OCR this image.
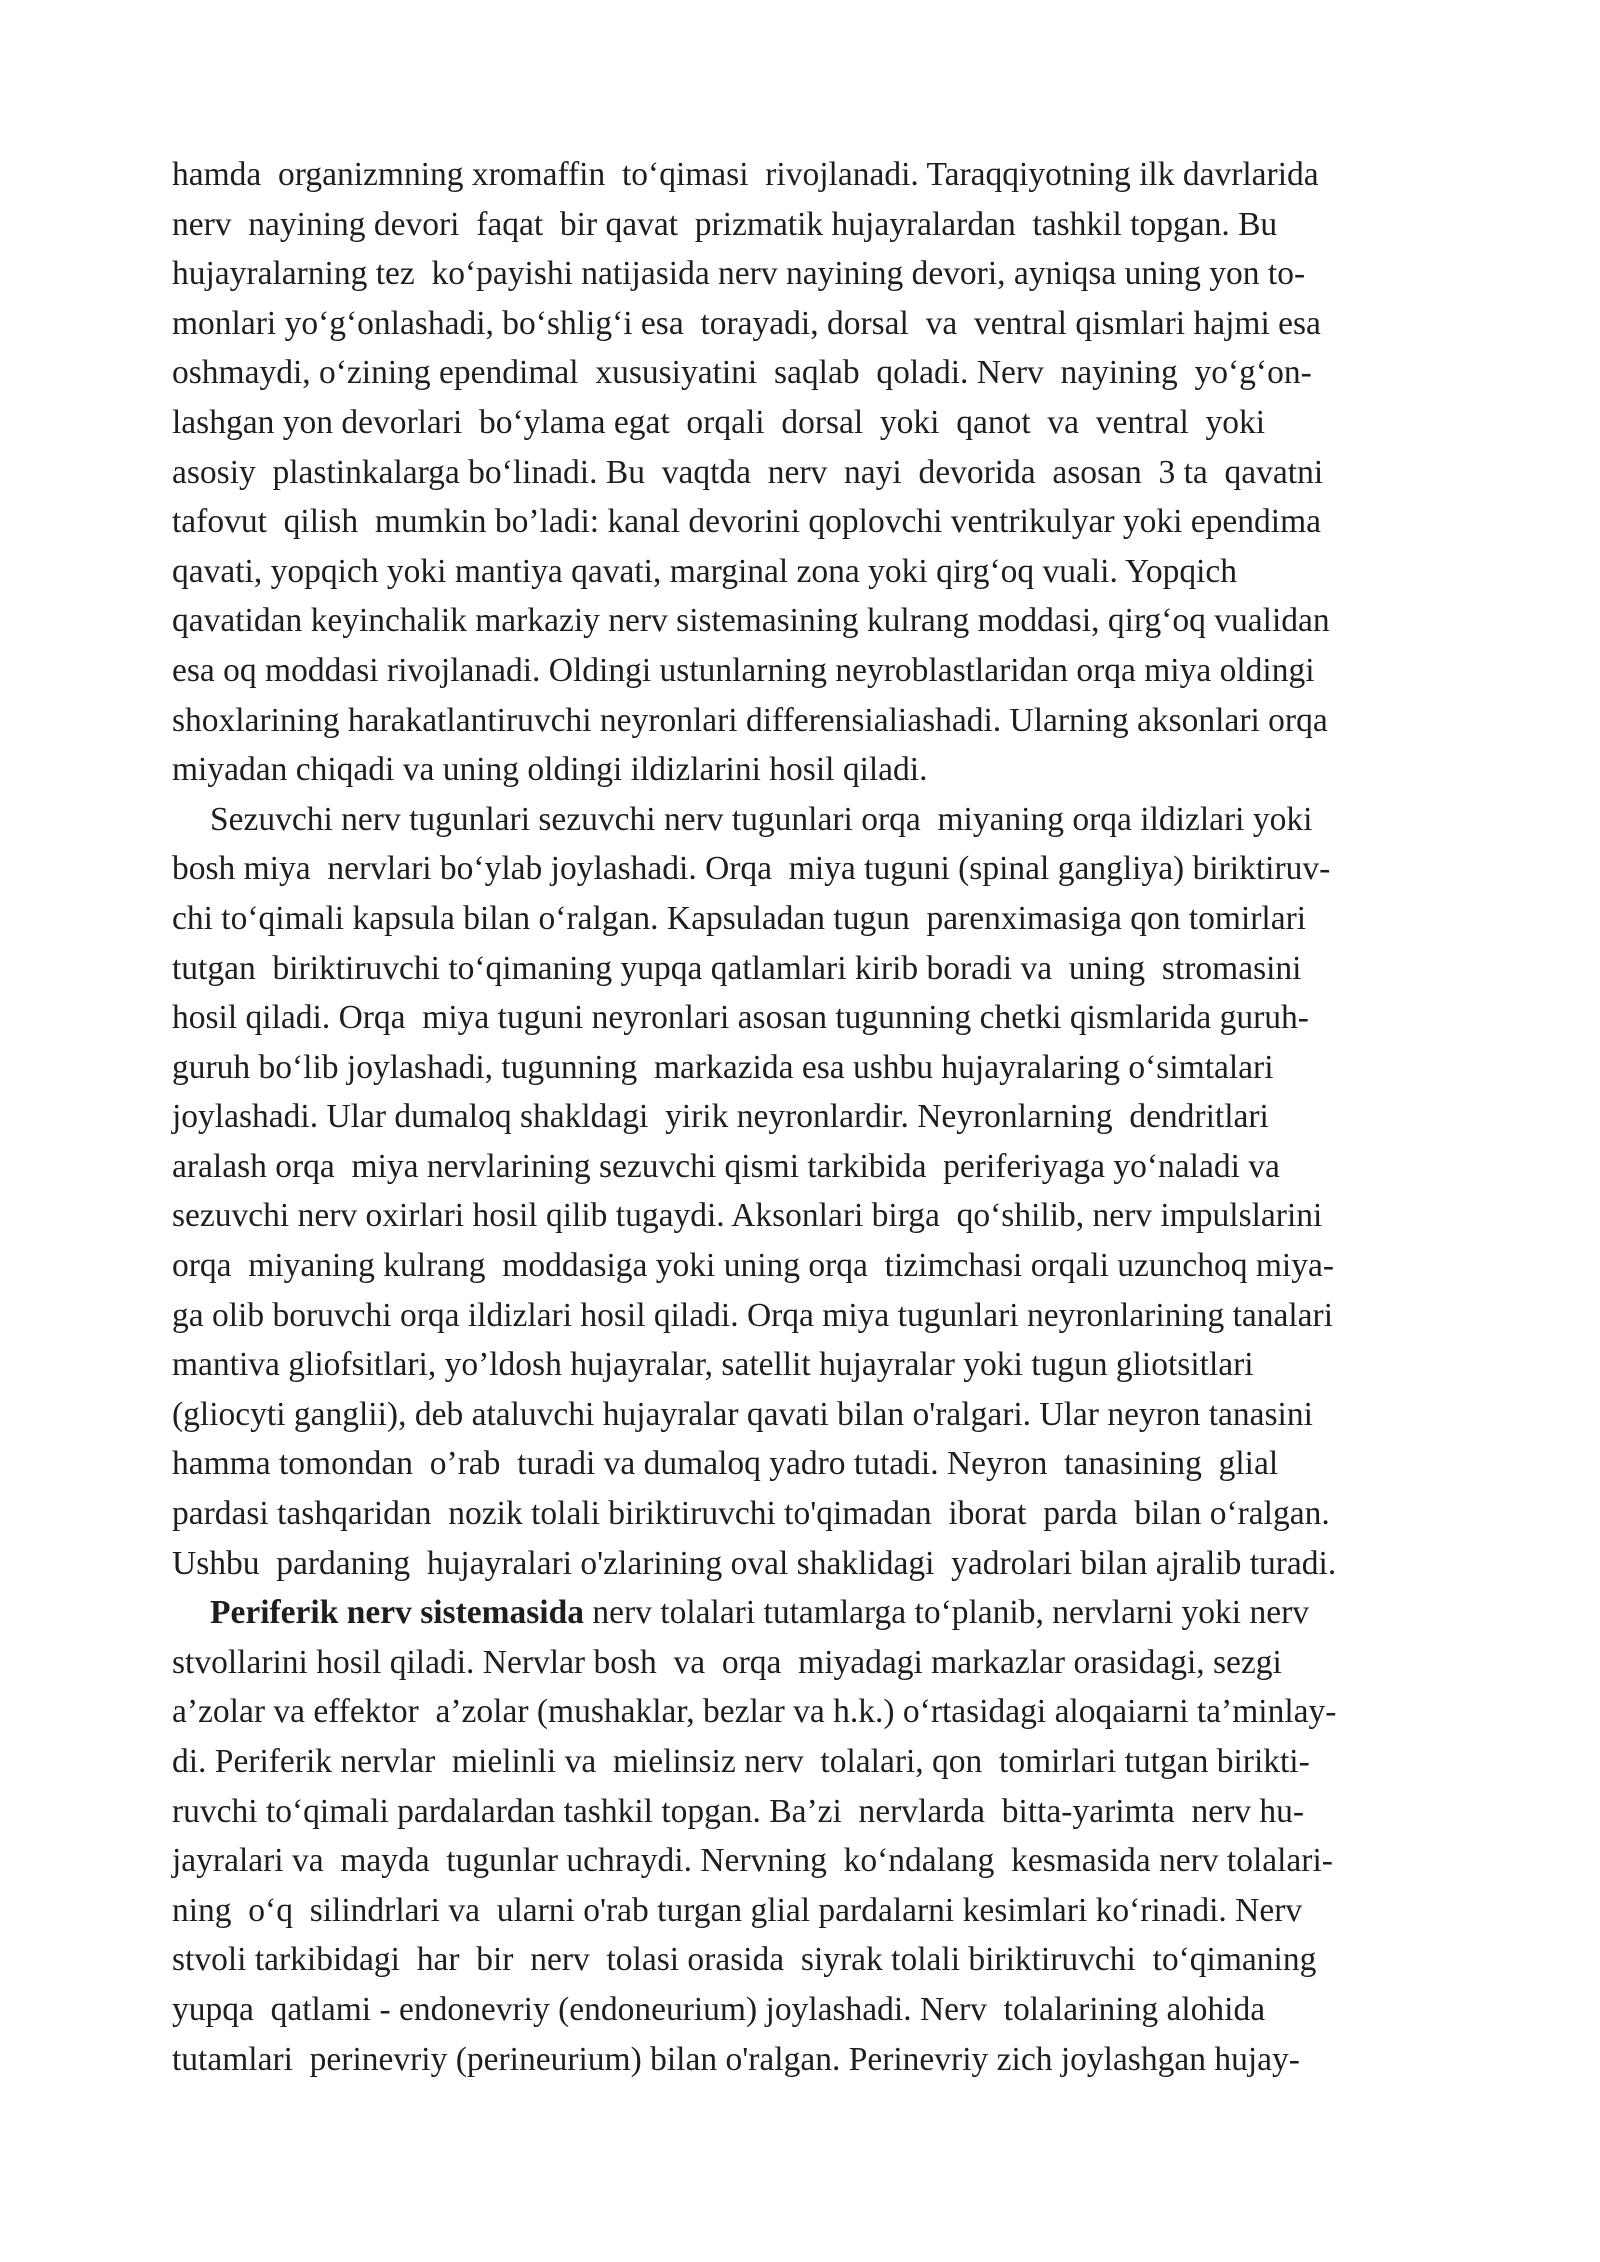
hamda  organizmning xromaffin  to‘qimasi  rivojlanadi. Taraqqiyotning ilk davrlarida
nerv  nayining devori  faqat  bir qavat  prizmatik hujayralardan  tashkil topgan. Bu
hujayralarning tez  ko‘payishi natijasida nerv nayining devori, ayniqsa uning yon to-
monlari yo‘g‘onlashadi, bo‘shlig‘i esa  torayadi, dorsal  va  ventral qismlari hajmi esa
oshmaydi, o‘zining ependimal  xususiyatini  saqlab  qoladi. Nerv  nayining  yo‘g‘on-
lashgan yon devorlari  bo‘ylama egat  orqali  dorsal  yoki  qanot  va  ventral  yoki
asosiy  plastinkalarga bo‘linadi. Bu  vaqtda  nerv  nayi  devorida  asosan  3 ta  qavatni
tafovut  qilish  mumkin bo’ladi: kanal devorini qoplovchi ventrikulyar yoki ependima
qavati, yopqich yoki mantiya qavati, marginal zona yoki qirg‘oq vuali. Yopqich
qavatidan keyinchalik markaziy nerv sistemasining kulrang moddasi, qirg‘oq vualidan
esa oq moddasi rivojlanadi. Oldingi ustunlarning neyroblastlaridan orqa miya oldingi
shoxlarining harakatlantiruvchi neyronlari differensialiashadi. Ularning aksonlari orqa
miyadan chiqadi va uning oldingi ildizlarini hosil qiladi.
Sezuvchi nerv tugunlari sezuvchi nerv tugunlari orqa  miyaning orqa ildizlari yoki
bosh miya  nervlari bo‘ylab joylashadi. Orqa  miya tuguni (spinal gangliya) biriktiruv-
chi to‘qimali kapsula bilan o‘ralgan. Kapsuladan tugun  parenximasiga qon tomirlari
tutgan  biriktiruvchi to‘qimaning yupqa qatlamlari kirib boradi va  uning  stromasini
hosil qiladi. Orqa  miya tuguni neyronlari asosan tugunning chetki qismlarida guruh-
guruh bo‘lib joylashadi, tugunning  markazida esa ushbu hujayralaring o‘simtalari
joylashadi. Ular dumaloq shakldagi  yirik neyronlardir. Neyronlarning  dendritlari
aralash orqa  miya nervlarining sezuvchi qismi tarkibida  periferiyaga yo‘naladi va
sezuvchi nerv oxirlari hosil qilib tugaydi. Aksonlari birga  qo‘shilib, nerv impulslarini
orqa  miyaning kulrang  moddasiga yoki uning orqa  tizimchasi orqali uzunchoq miya-
ga olib boruvchi orqa ildizlari hosil qiladi. Orqa miya tugunlari neyronlarining tanalari
mantiva gliofsitlari, yo’ldosh hujayralar, satellit hujayralar yoki tugun gliotsitlari
(gliocyti ganglii), deb ataluvchi hujayralar qavati bilan o'ralgari. Ular neyron tanasini
hamma tomondan  o’rab  turadi va dumaloq yadro tutadi. Neyron  tanasining  glial
pardasi tashqaridan  nozik tolali biriktiruvchi to'qimadan  iborat  parda  bilan o‘ralgan.
Ushbu  pardaning  hujayralari o'zlarining oval shaklidagi  yadrolari bilan ajralib turadi.
Periferik nerv sistemasida nerv tolalari tutamlarga to‘planib, nervlarni yoki nerv
stvollarini hosil qiladi. Nervlar bosh  va  orqa  miyadagi markazlar orasidagi, sezgi
a’zolar va effektor  a’zolar (mushaklar, bezlar va h.k.) o‘rtasidagi aloqaiarni ta’minlay-
di. Periferik nervlar  mielinli va  mielinsiz nerv  tolalari, qon  tomirlari tutgan birikti-
ruvchi to‘qimali pardalardan tashkil topgan. Ba’zi  nervlarda  bitta-yarimta  nerv hu-
jayralari va  mayda  tugunlar uchraydi. Nervning  ko‘ndalang  kesmasida nerv tolalari-
ning  o‘q  silindrlari va  ularni o'rab turgan glial pardalarni kesimlari ko‘rinadi. Nerv
stvoli tarkibidagi  har  bir  nerv  tolasi orasida  siyrak tolali biriktiruvchi  to‘qimaning
yupqa  qatlami - endonevriy (endoneurium) joylashadi. Nerv  tolalarining alohida
tutamlari  perinevriy (perineurium) bilan o'ralgan. Perinevriy zich joylashgan hujay-
